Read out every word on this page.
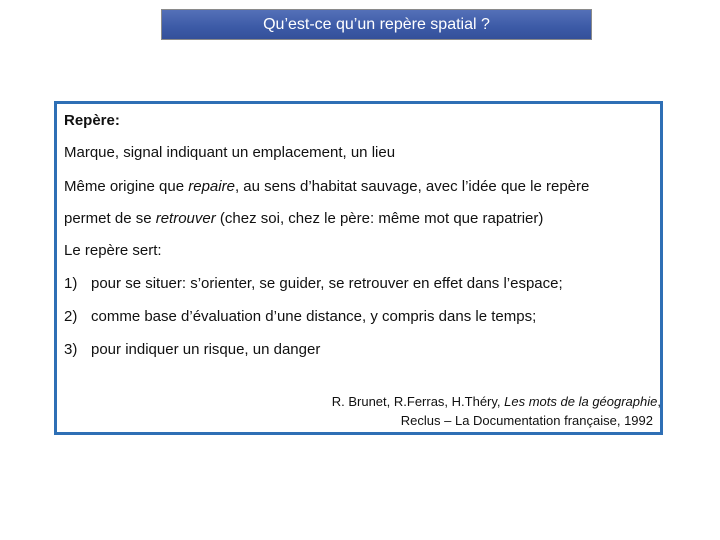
Qu’est-ce qu’un repère spatial ?
Repère:
Marque, signal indiquant un emplacement, un lieu
Même origine que repaire, au sens d’habitat sauvage, avec l’idée que le repère
permet de se retrouver (chez soi, chez le père: même mot que rapatrier)
Le repère sert:
1) pour se situer: s’orienter, se guider, se retrouver en effet dans l’espace;
2) comme base d’évaluation d’une distance, y compris dans le temps;
3) pour indiquer un risque, un danger
R. Brunet, R.Ferras, H.Théry, Les mots de la géographie,
Reclus – La Documentation française, 1992
